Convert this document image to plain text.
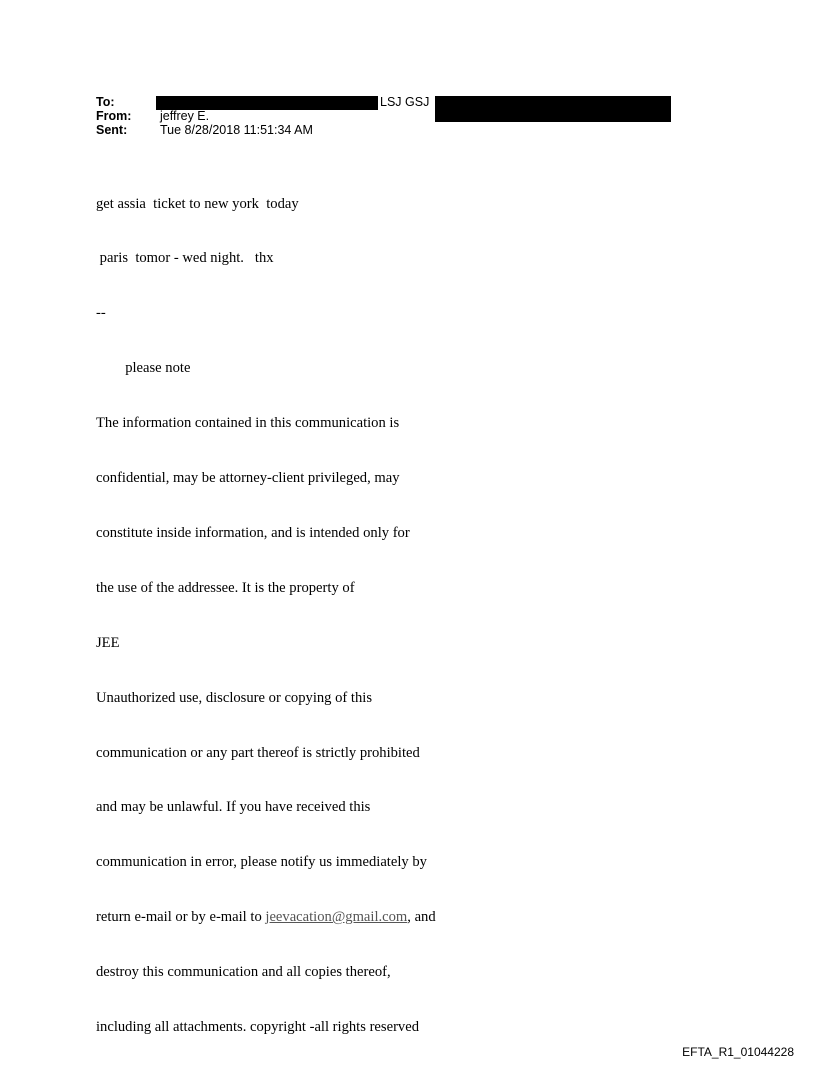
To:	LSJ GSJ
From: jeffrey E.
Sent:	Tue 8/28/2018 11:51:34 AM

get assia  ticket to new york  today

paris  tomor - wed night.   thx

--

please note

The information contained in this communication is

confidential, may be attorney-client privileged, may

constitute inside information, and is intended only for

the use of the addressee. It is the property of

JEE

Unauthorized use, disclosure or copying of this

communication or any part thereof is strictly prohibited

and may be unlawful. If you have received this

communication in error, please notify us immediately by

return e-mail or by e-mail to jeevacation@gmail.com, and

destroy this communication and all copies thereof,

including all attachments. copyright -all rights reserved

EFTA_R1_01044228
